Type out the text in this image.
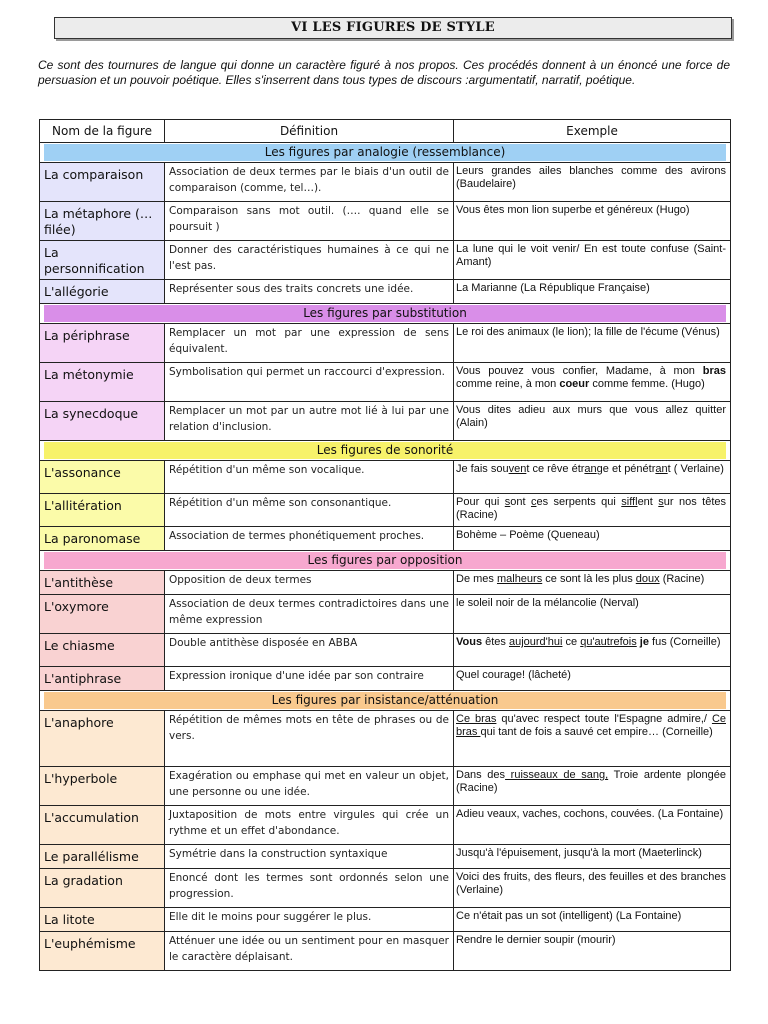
VI LES FIGURES DE STYLE
Ce sont des tournures de langue qui donne un caractère figuré à nos propos. Ces procédés donnent à un énoncé une force de persuasion et un pouvoir poétique. Elles s'inserrent dans tous types de discours :argumentatif, narratif, poétique.
Nom de la figure	Définition	Exemple

Les figures par analogie (ressemblance)		

La comparaison	Association de deux termes par le biais d'un outil de comparaison (comme, tel…).	Leurs grandes ailes blanches comme des avirons (Baudelaire)
La métaphore (…filée)	Comparaison sans mot outil. (…. quand elle se poursuit )	Vous êtes mon lion superbe et généreux (Hugo)
La personnification	Donner des caractéristiques humaines à ce qui ne l'est pas.	La lune qui le voit venir/ En est toute confuse (Saint-Amant)
L'allégorie	Représenter sous des traits concrets une idée.	La Marianne (La République Française)

Les figures par substitution		

La périphrase	Remplacer un mot par une expression de sens équivalent.	Le roi des animaux (le lion); la fille de l'écume (Vénus)
La métonymie	Symbolisation qui permet un raccourci d'expression.	Vous pouvez vous confier, Madame, à mon bras comme reine, à mon coeur comme femme. (Hugo)
La synecdoque	Remplacer un mot par un autre mot lié à lui par une relation d'inclusion.	Vous dites adieu aux murs que vous allez quitter (Alain)

Les figures de sonorité		

L'assonance	Répétition d'un même son vocalique.	Je fais souvent ce rêve étrange et pénétrant ( Verlaine)
L'allitération	Répétition d'un même son consonantique.	Pour qui sont ces serpents qui sifflent sur nos têtes (Racine)
La paronomase	Association de termes phonétiquement proches.	Bohème – Poème (Queneau)

Les figures par opposition		

L'antithèse	Opposition de deux termes	De mes malheurs ce sont là les plus doux (Racine)
L'oxymore	Association de deux termes contradictoires dans une même expression	le soleil noir de la mélancolie (Nerval)
Le chiasme	Double antithèse disposée en ABBA	Vous êtes aujourd'hui ce qu'autrefois je fus (Corneille)
L'antiphrase	Expression ironique d'une idée par son contraire	Quel courage! (lâcheté)

Les figures par insistance/atténuation		

L'anaphore	Répétition de mêmes mots en tête de phrases ou de vers.	Ce bras qu'avec respect toute l'Espagne admire,/ Ce bras qui tant de fois a sauvé cet empire… (Corneille)
L'hyperbole	Exagération ou emphase qui met en valeur un objet, une personne ou une idée.	Dans des ruisseaux de sang, Troie ardente plongée (Racine)
L'accumulation	Juxtaposition de mots entre virgules qui crée un rythme et un effet d'abondance.	Adieu veaux, vaches, cochons, couvées. (La Fontaine)
Le parallélisme	Symétrie dans la construction syntaxique	Jusqu'à l'épuisement, jusqu'à la mort (Maeterlinck)
La gradation	Enoncé dont les termes sont ordonnés selon une progression.	Voici des fruits, des fleurs, des feuilles et des branches (Verlaine)
La litote	Elle dit le moins pour suggérer le plus.	Ce n'était pas un sot (intelligent) (La Fontaine)
L'euphémisme	Atténuer une idée ou un sentiment pour en masquer le caractère déplaisant.	Rendre le dernier soupir (mourir)
